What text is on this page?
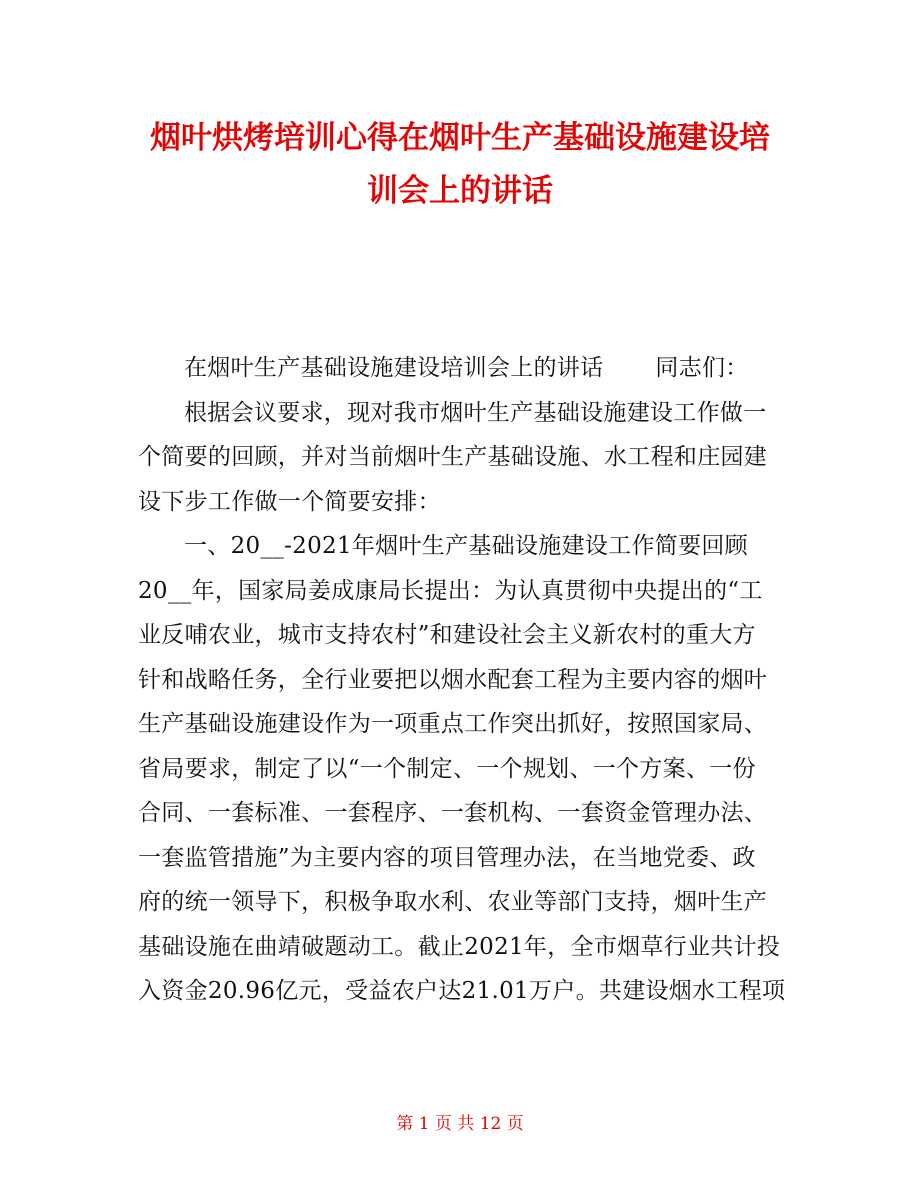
烟叶烘烤培训心得在烟叶生产基础设施建设培
训会上的讲话
在烟叶生产基础设施建设培训会上的讲话 同志们：
根据会议要求，现对我市烟叶生产基础设施建设工作做一
个简要的回顾，并对当前烟叶生产基础设施、水工程和庄园建
设下步工作做一个简要安排：
一、20__-2021年烟叶生产基础设施建设工作简要回顾
20__年，国家局姜成康局长提出：为认真贯彻中央提出的“工
业反哺农业，城市支持农村”和建设社会主义新农村的重大方
针和战略任务，全行业要把以烟水配套工程为主要内容的烟叶
生产基础设施建设作为一项重点工作突出抓好，按照国家局、
省局要求，制定了以“一个制定、一个规划、一个方案、一份
合同、一套标准、一套程序、一套机构、一套资金管理办法、
一套监管措施”为主要内容的项目管理办法，在当地党委、政
府的统一领导下，积极争取水利、农业等部门支持，烟叶生产
基础设施在曲靖破题动工。截止2021年，全市烟草行业共计投
入资金20.96亿元，受益农户达21.01万户。共建设烟水工程项
第 1 页 共 12 页
